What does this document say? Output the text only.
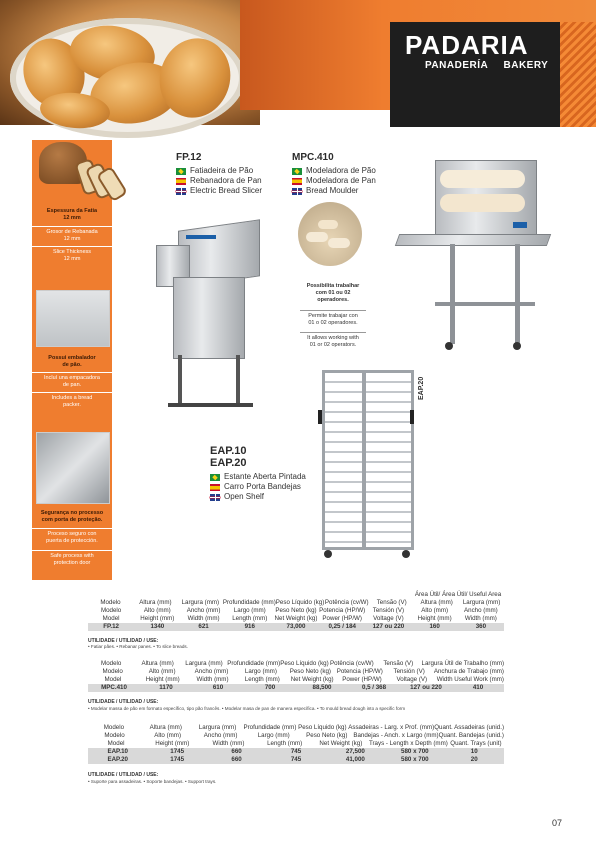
PADARIA
PANADERÍA BAKERY
Espessura da Fatia
12 mm
Grosor de Rebanada
12 mm
Slice Thickness
12 mm
Possui embalador
de pão.
Incluí una empacadora
de pan.
Includes a bread
packer.
Segurança no processo
com porta de proteção.
Proceso seguro con
puerta de protección.
Safe process with
protection door
FP.12
Fatiadeira de Pão
Rebanadora de Pan
Electric Bread Slicer
MPC.410
Modeladora de Pão
Modeladora de Pan
Bread Moulder
Possibilita trabalhar
com 01 ou 02
operadores.
Permite trabajar con
01 o 02 operadores.
It allows working with
01 or 02 operators.
EAP.10
EAP.20
Estante Aberta Pintada
Carro Porta Bandejas
Open Shelf
EAP.20
Área Útil/ Área Útil/ Useful Area
Modelo	Altura (mm)	Largura (mm) Profundidade (mm) Peso Líquido (kg) Potência (cv/W)	Tensão (V)	Altura (mm)	Largura (mm)
Modelo	Alto (mm)	Ancho (mm)	Largo (mm)	Peso Neto (kg) Potencia (HP/W)	Tensión (V)	Alto (mm)	Ancho (mm)
Model	Height (mm)	Width (mm)	Length (mm)	Net Weight (kg) Power (HP/W)	Voltage (V)	Height (mm)	Width (mm)
FP.12	1340	621	916	73,000	0,25 / 184	127 ou 220	160	360
UTILIDADE / UTILIDAD / USE:
• Fatiar pães. • Rebanar panes. • To slice breads.
Modelo	Altura (mm)	Largura (mm) Profundidade (mm) Peso Líquido (kg) Potência (cv/W)	Tensão (V)	Largura Útil de Trabalho (mm)
Modelo	Alto (mm)	Ancho (mm)	Largo (mm)	Peso Neto (kg) Potencia (HP/W)	Tensión (V)	Anchura de Trabajo (mm)
Model	Height (mm)	Width (mm)	Length (mm)	Net Weight (kg)	Power (HP/W)	Voltage (V)	Width Useful Work (mm)
MPC.410	1170	610	700	88,500	0,5 / 368	127 ou 220	410
UTILIDADE / UTILIDAD / USE:
• Modelar massa de pão em formato específico, tipo pão francês. • Modelar masa de pan de manera específica. • To mould bread dough into a specific form
Modelo	Altura (mm)	Largura (mm)	Profundidade (mm) Peso Líquido (kg) Assadeiras - Larg. x Prof. (mm) Quant. Assadeiras (unid.)
Modelo	Alto (mm)	Ancho (mm)	Largo (mm)	Peso Neto (kg) Bandejas - Anch. x Largo (mm) Quant. Bandejas (unid.)
Model	Height (mm)	Width (mm)	Length (mm)	Net Weight (kg)	Trays - Length x Depth (mm) Quant. Trays (unit)
EAP.10	1745	660	745	27,500	580 x 700	10
EAP.20	1745	660	745	41,000	580 x 700	20
UTILIDADE / UTILIDAD / USE:
• Suporte para assadeiras. • Soporte bandejas. • Support trays.
07
